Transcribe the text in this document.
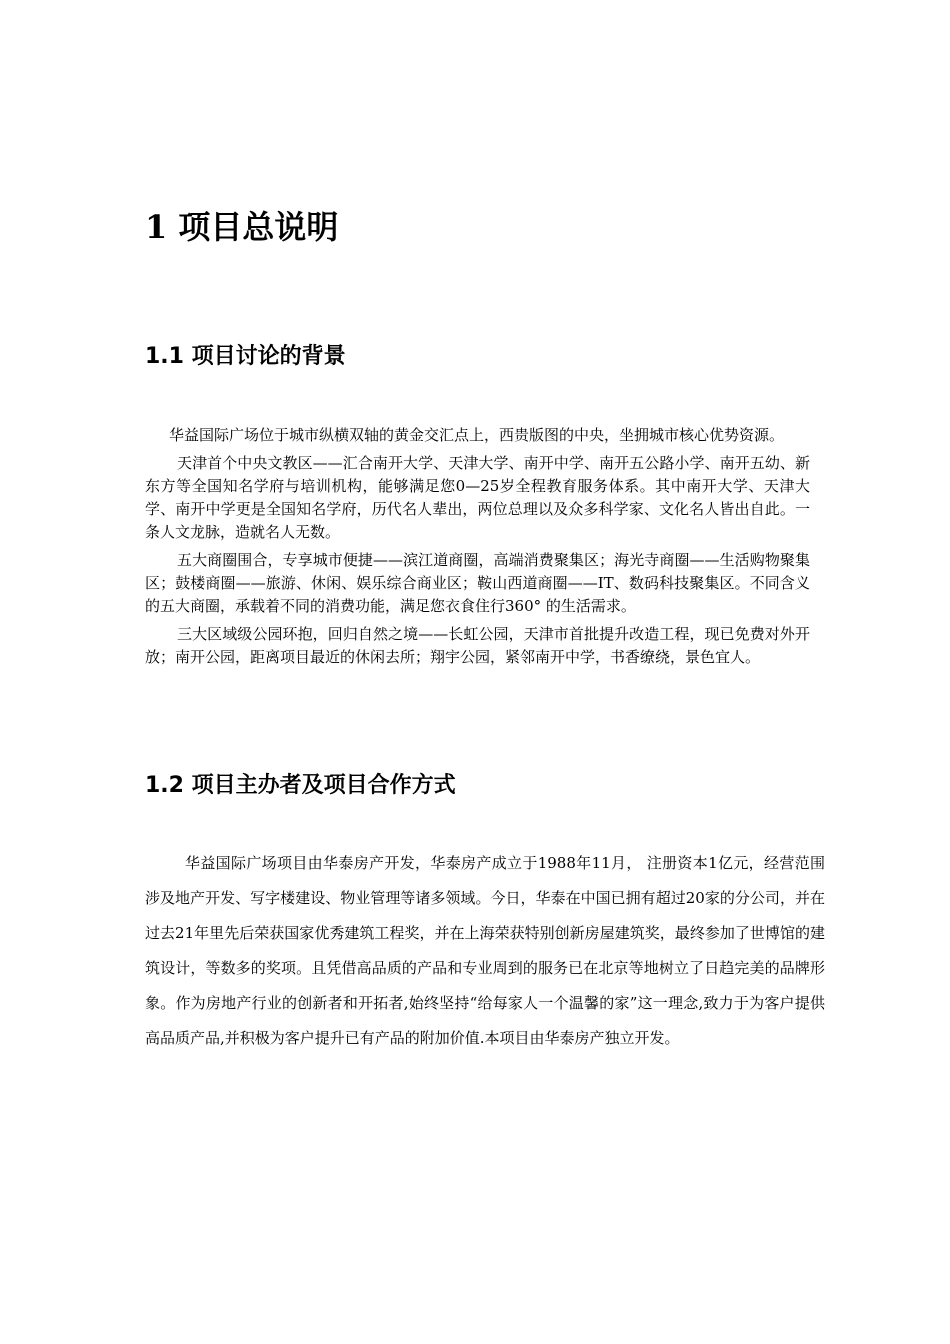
1 项目总说明
1.1 项目讨论的背景

华益国际广场位于城市纵横双轴的黄金交汇点上，西贵版图的中央，坐拥城市核心优势资源。

天津首个中央文教区——汇合南开大学、天津大学、南开中学、南开五公路小学、南开五幼、新东方等全国知名学府与培训机构，能够满足您0—25岁全程教育服务体系。其中南开大学、天津大学、南开中学更是全国知名学府，历代名人辈出，两位总理以及众多科学家、文化名人皆出自此。一条人文龙脉，造就名人无数。

五大商圈围合，专享城市便捷——滨江道商圈，高端消费聚集区；海光寺商圈——生活购物聚集区；鼓楼商圈——旅游、休闲、娱乐综合商业区；鞍山西道商圈——IT、数码科技聚集区。不同含义的五大商圈，承载着不同的消费功能，满足您衣食住行360° 的生活需求。

三大区域级公园环抱，回归自然之境——长虹公园，天津市首批提升改造工程，现已免费对外开放；南开公园，距离项目最近的休闲去所；翔宇公园，紧邻南开中学，书香缭绕，景色宜人。

1.2 项目主办者及项目合作方式

华益国际广场项目由华泰房产开发，华泰房产成立于1988年11月， 注册资本1亿元，经营范围涉及地产开发、写字楼建设、物业管理等诸多领域。今日，华泰在中国已拥有超过20家的分公司，并在过去21年里先后荣获国家优秀建筑工程奖，并在上海荣获特别创新房屋建筑奖，最终参加了世博馆的建筑设计，等数多的奖项。且凭借高品质的产品和专业周到的服务已在北京等地树立了日趋完美的品牌形象。作为房地产行业的创新者和开拓者,始终坚持“给每家人一个温馨的家”这一理念,致力于为客户提供高品质产品,并积极为客户提升已有产品的附加价值.本项目由华泰房产独立开发。
